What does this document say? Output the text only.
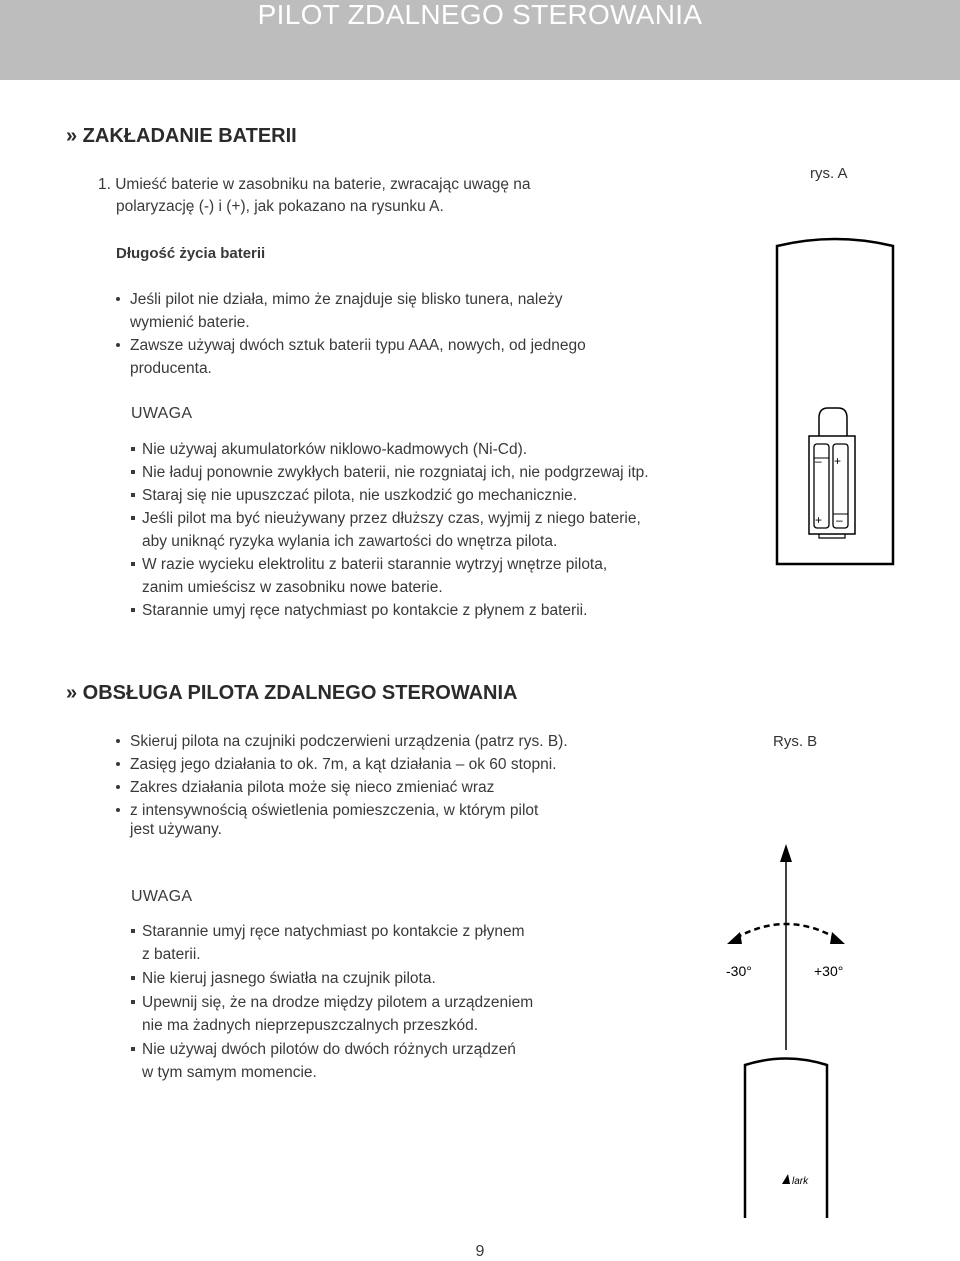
PILOT ZDALNEGO STEROWANIA
» ZAKŁADANIE BATERII
1. Umieść baterie w zasobniku na baterie, zwracając uwagę na
polaryzację (-) i (+), jak pokazano na rysunku A.
rys. A
Długość życia baterii
Jeśli pilot nie działa, mimo że znajduje się blisko tunera, należy
wymienić baterie.
Zawsze używaj dwóch sztuk baterii typu AAA, nowych, od jednego
producenta.
UWAGA
Nie używaj akumulatorków niklowo-kadmowych (Ni-Cd).
Nie ładuj ponownie zwykłych baterii, nie rozgniataj ich, nie podgrzewaj itp.
Staraj się nie upuszczać pilota, nie uszkodzić go mechanicznie.
Jeśli pilot ma być nieużywany przez dłuższy czas, wyjmij z niego baterie,
aby uniknąć ryzyka wylania ich zawartości do wnętrza pilota.
W razie wycieku elektrolitu z baterii starannie wytrzyj wnętrze pilota,
zanim umieścisz w zasobniku nowe baterie.
Starannie umyj ręce natychmiast po kontakcie z płynem z baterii.
– +
+ –
» OBSŁUGA PILOTA ZDALNEGO STEROWANIA
Skieruj pilota na czujniki podczerwieni urządzenia (patrz rys. B).
Zasięg jego działania to ok. 7m, a kąt działania – ok 60 stopni.
Zakres działania pilota może się nieco zmieniać wraz
z intensywnością oświetlenia pomieszczenia, w którym pilot
jest używany.
Rys. B
UWAGA
Starannie umyj ręce natychmiast po kontakcie z płynem
z baterii.
Nie kieruj jasnego światła na czujnik pilota.
Upewnij się, że na drodze między pilotem a urządzeniem
nie ma żadnych nieprzepuszczalnych przeszkód.
Nie używaj dwóch pilotów do dwóch różnych urządzeń
w tym samym momencie.
-30°	+30°
lark
9
